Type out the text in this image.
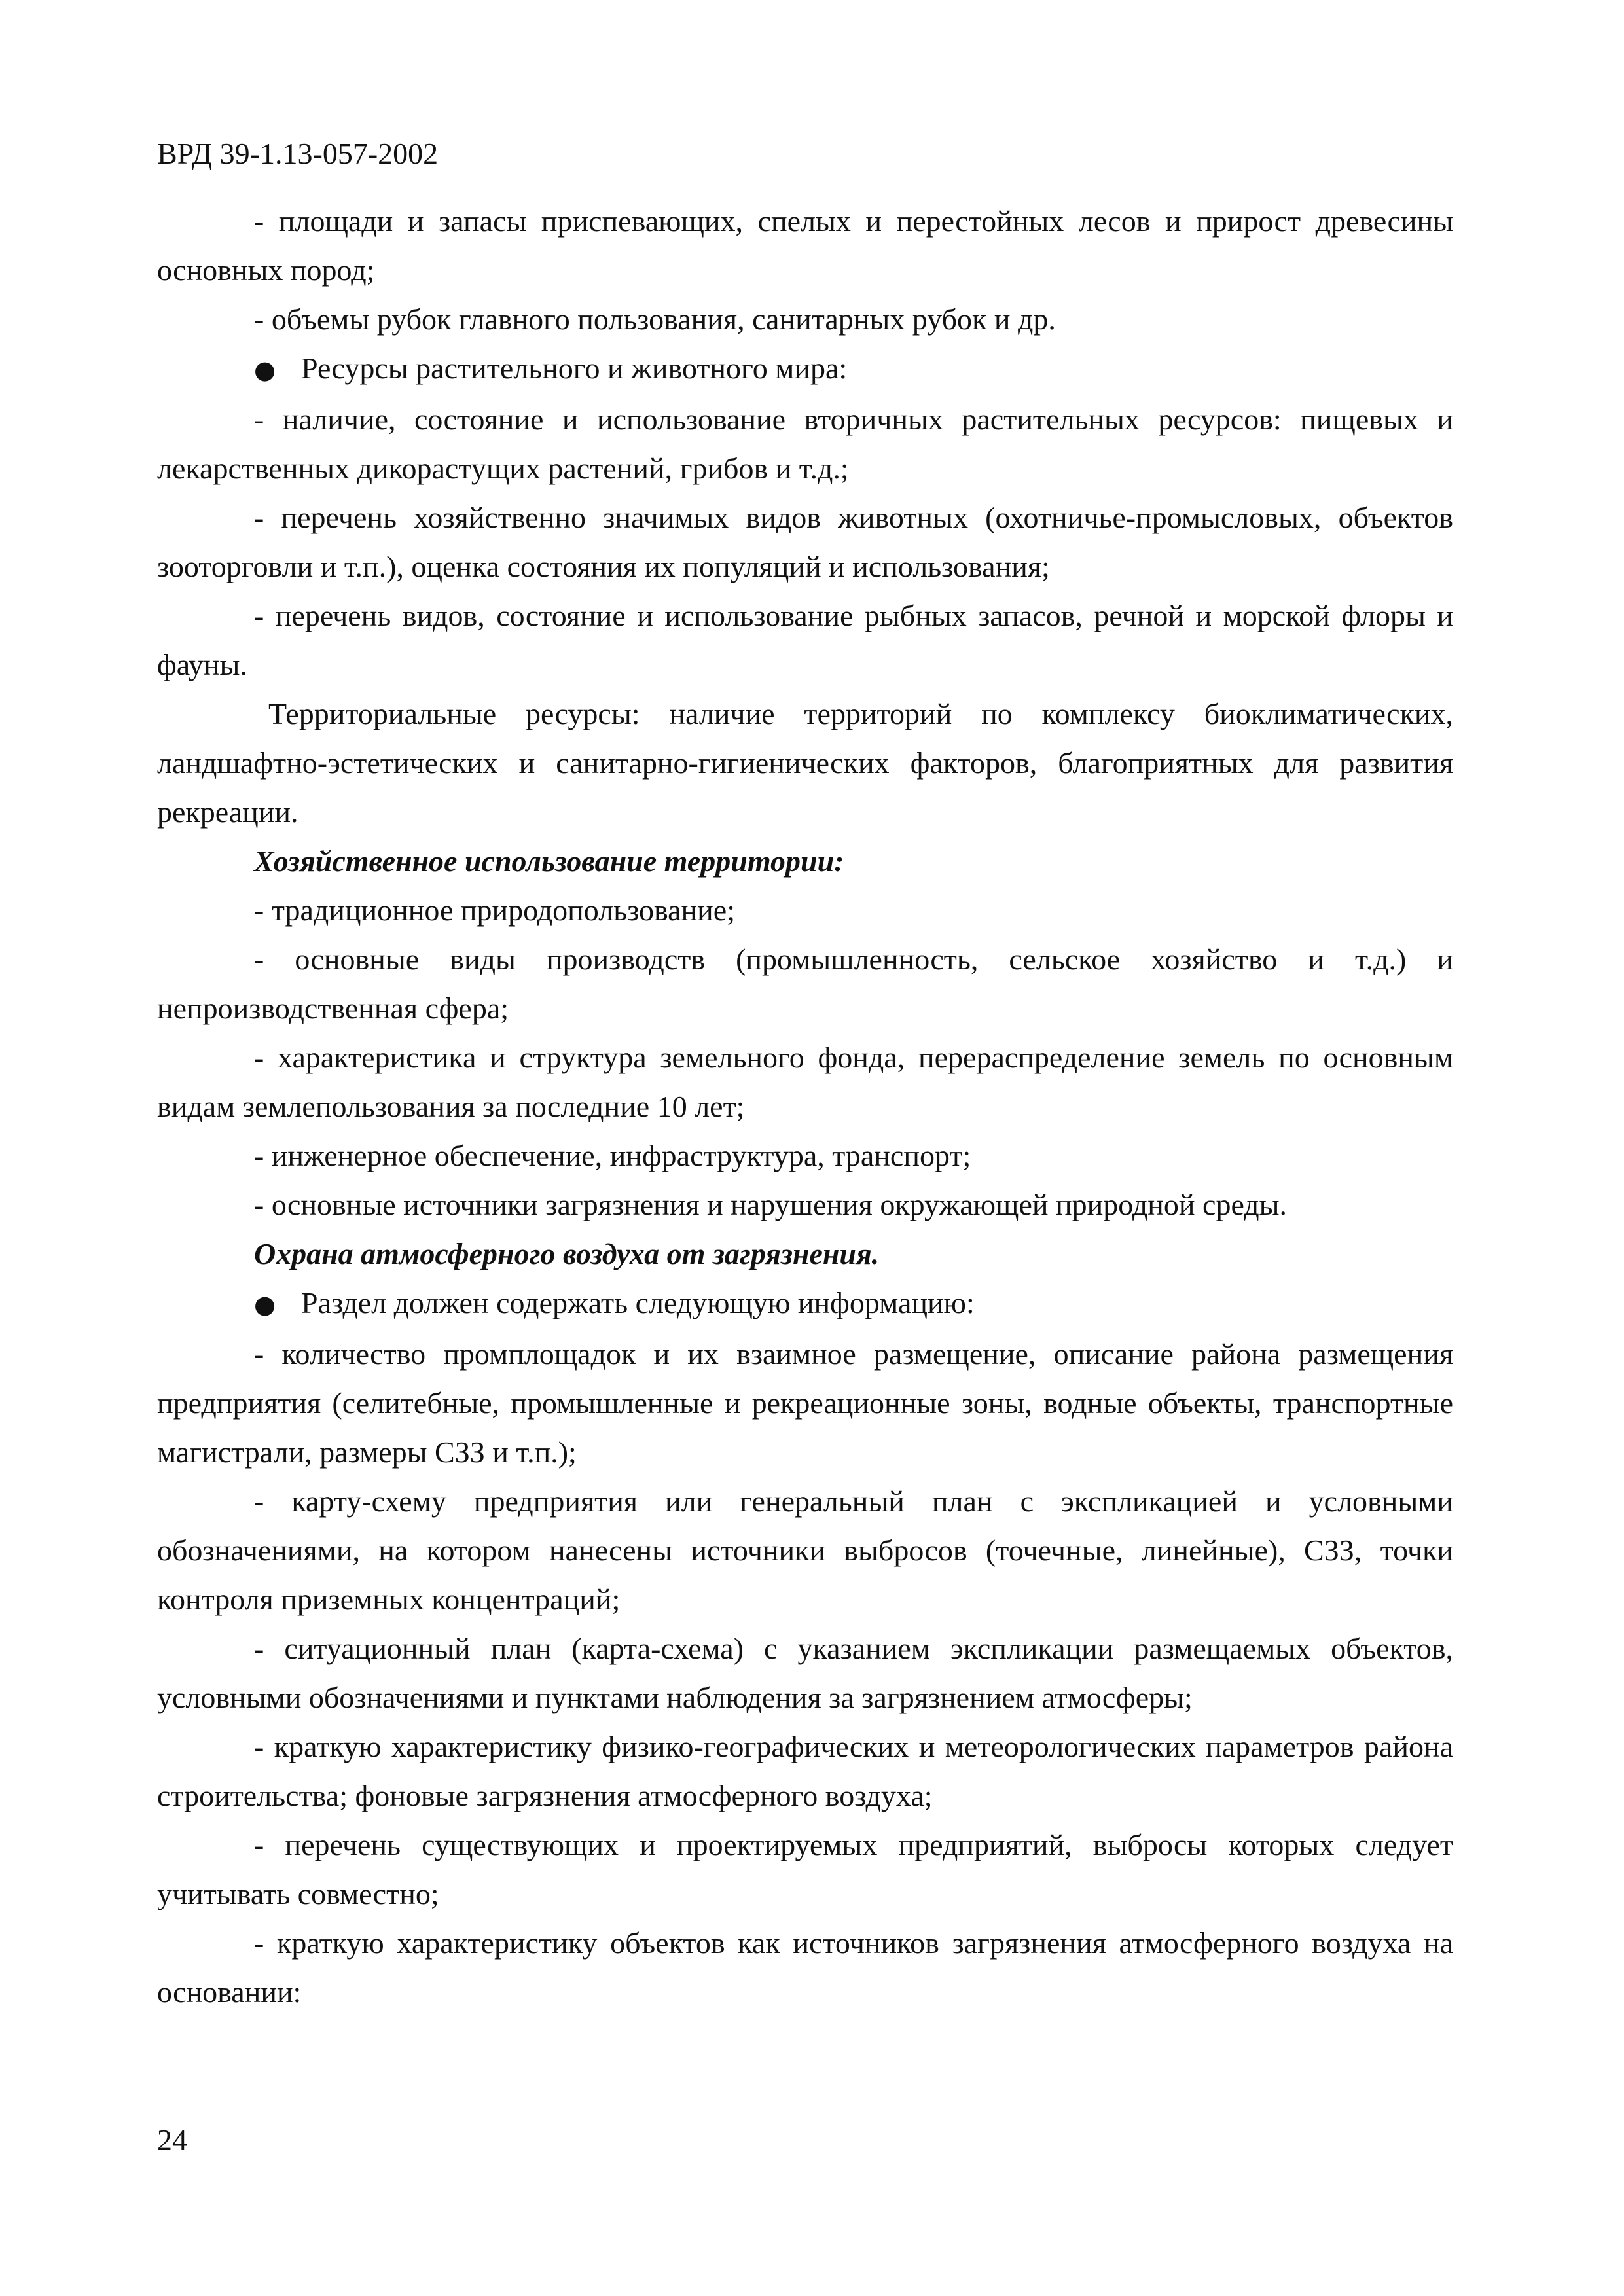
ВРД 39-1.13-057-2002

- площади и запасы приспевающих, спелых и перестойных лесов и прирост древесины основных пород;

- объемы рубок главного пользования, санитарных рубок и др.

● Ресурсы растительного и животного мира:

- наличие, состояние и использование вторичных растительных ресурсов: пищевых и лекарственных дикорастущих растений, грибов и т.д.;

- перечень хозяйственно значимых видов животных (охотничье-промысловых, объектов зооторговли и т.п.), оценка состояния их популяций и использования;

- перечень видов, состояние и использование рыбных запасов, речной и морской флоры и фауны.

Территориальные ресурсы: наличие территорий по комплексу биоклиматических, ландшафтно-эстетических и санитарно-гигиенических факторов, благоприятных для развития рекреации.

Хозяйственное использование территории:

- традиционное природопользование;

- основные виды производств (промышленность, сельское хозяйство и т.д.) и непроизводственная сфера;

- характеристика и структура земельного фонда, перераспределение земель по основным видам землепользования за последние 10 лет;

- инженерное обеспечение, инфраструктура, транспорт;

- основные источники загрязнения и нарушения окружающей природной среды.

Охрана атмосферного воздуха от загрязнения.

● Раздел должен содержать следующую информацию:

- количество промплощадок и их взаимное размещение, описание района размещения предприятия (селитебные, промышленные и рекреационные зоны, водные объекты, транспортные магистрали, размеры СЗЗ и т.п.);

- карту-схему предприятия или генеральный план с экспликацией и условными обозначениями, на котором нанесены источники выбросов (точечные, линейные), СЗЗ, точки контроля приземных концентраций;

- ситуационный план (карта-схема) с указанием экспликации размещаемых объектов, условными обозначениями и пунктами наблюдения за загрязнением атмосферы;

- краткую характеристику физико-географических и метеорологических параметров района строительства; фоновые загрязнения атмосферного воздуха;

- перечень существующих и проектируемых предприятий, выбросы которых следует учитывать совместно;

- краткую характеристику объектов как источников загрязнения атмосферного воздуха на основании:

24
